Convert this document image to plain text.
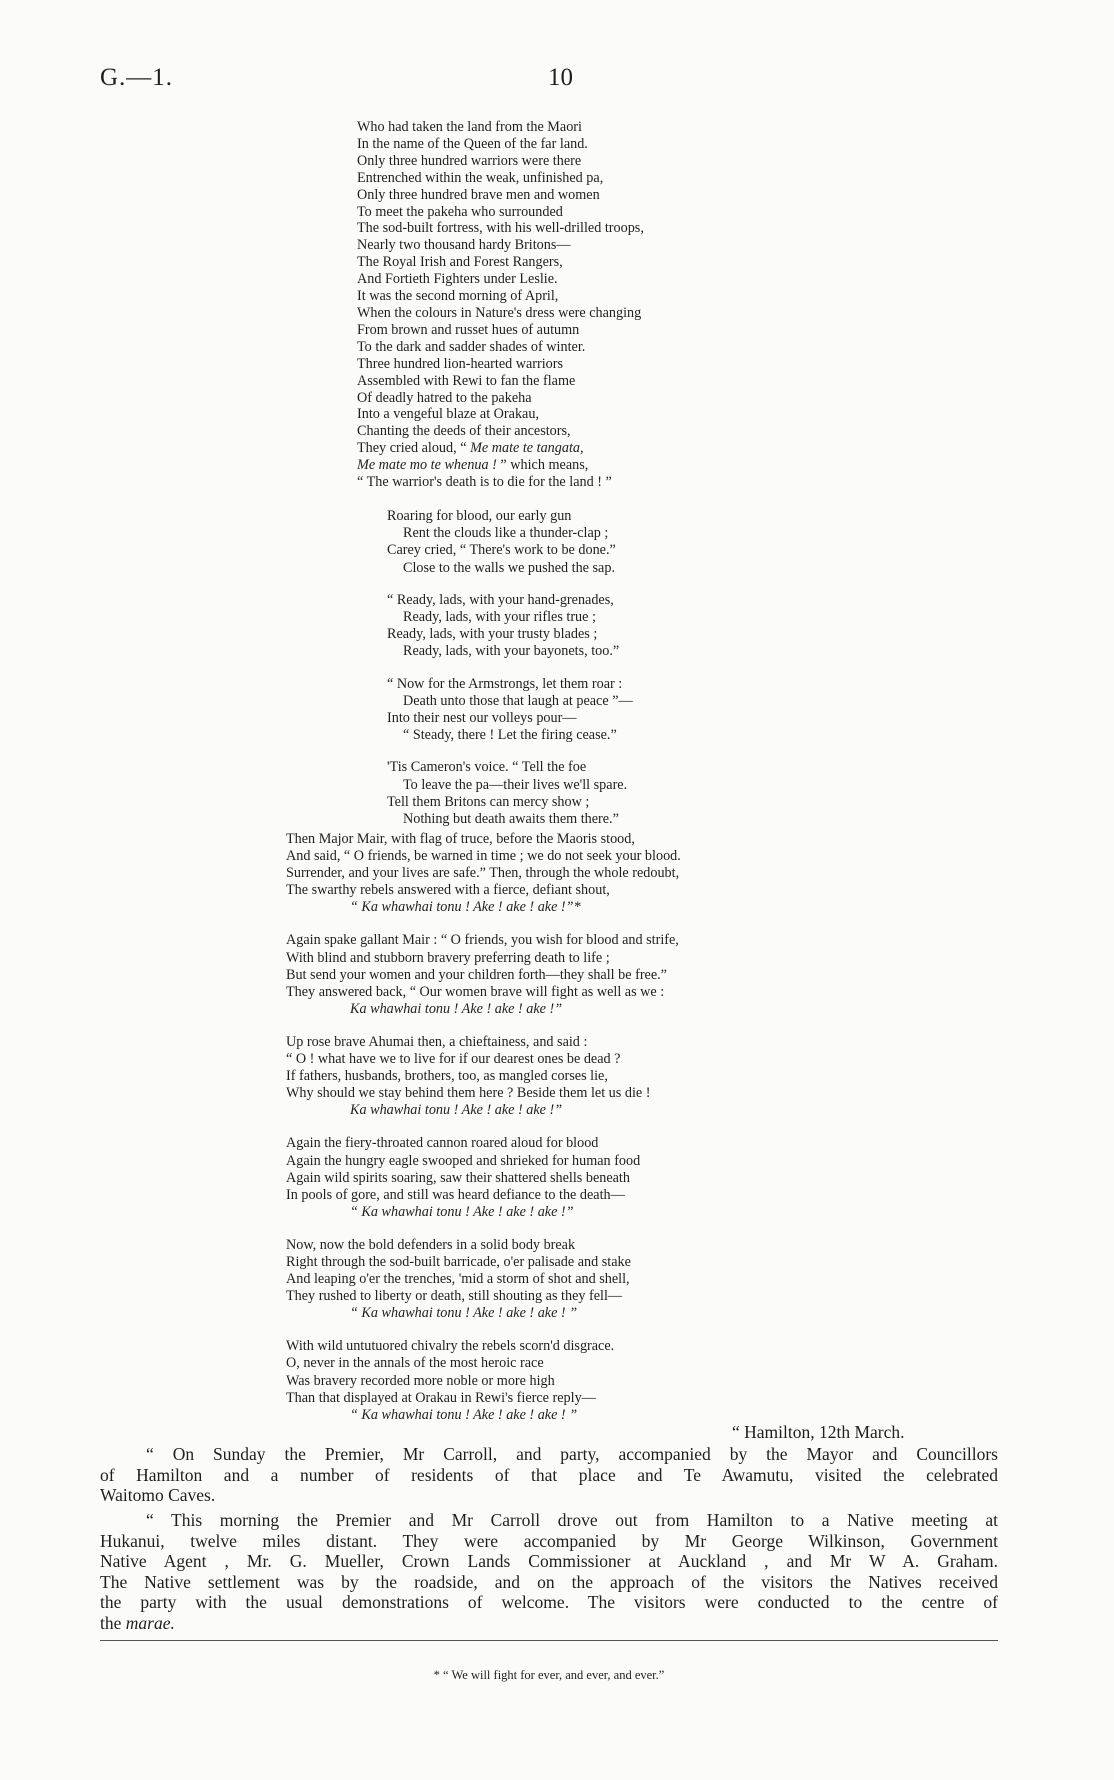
G.—1.	10
Who had taken the land from the Maori
In the name of the Queen of the far land.
Only three hundred warriors were there
Entrenched within the weak, unfinished pa,
Only three hundred brave men and women
To meet the pakeha who surrounded
The sod-built fortress, with his well-drilled troops,
Nearly two thousand hardy Britons—
The Royal Irish and Forest Rangers,
And Fortieth Fighters under Leslie.
It was the second morning of April,
When the colours in Nature's dress were changing
From brown and russet hues of autumn
To the dark and sadder shades of winter.
Three hundred lion-hearted warriors
Assembled with Rewi to fan the flame
Of deadly hatred to the pakeha
Into a vengeful blaze at Orakau,
Chanting the deeds of their ancestors,
They cried aloud, “ Me mate te tangata,
Me mate mo te whenua ! ” which means,
“ The warrior's death is to die for the land ! ”
Roaring for blood, our early gun
Rent the clouds like a thunder-clap ;
Carey cried, “ There's work to be done.”
Close to the walls we pushed the sap.
“ Ready, lads, with your hand-grenades,
Ready, lads, with your rifles true ;
Ready, lads, with your trusty blades ;
Ready, lads, with your bayonets, too.”
“ Now for the Armstrongs, let them roar :
Death unto those that laugh at peace ”—
Into their nest our volleys pour—
“ Steady, there ! Let the firing cease.”
'Tis Cameron's voice. “ Tell the foe
To leave the pa—their lives we'll spare.
Tell them Britons can mercy show ;
Nothing but death awaits them there.”
Then Major Mair, with flag of truce, before the Maoris stood,
And said, “ O friends, be warned in time ; we do not seek your blood.
Surrender, and your lives are safe.” Then, through the whole redoubt,
The swarthy rebels answered with a fierce, defiant shout,
“ Ka whawhai tonu ! Ake ! ake ! ake !”*
Again spake gallant Mair : “ O friends, you wish for blood and strife,
With blind and stubborn bravery preferring death to life ;
But send your women and your children forth—they shall be free.”
They answered back, “ Our women brave will fight as well as we :
Ka whawhai tonu ! Ake ! ake ! ake !”
Up rose brave Ahumai then, a chieftainess, and said :
“ O ! what have we to live for if our dearest ones be dead ?
If fathers, husbands, brothers, too, as mangled corses lie,
Why should we stay behind them here ? Beside them let us die !
Ka whawhai tonu ! Ake ! ake ! ake !”
Again the fiery-throated cannon roared aloud for blood
Again the hungry eagle swooped and shrieked for human food
Again wild spirits soaring, saw their shattered shells beneath
In pools of gore, and still was heard defiance to the death—
“ Ka whawhai tonu ! Ake ! ake ! ake !”
Now, now the bold defenders in a solid body break
Right through the sod-built barricade, o'er palisade and stake
And leaping o'er the trenches, 'mid a storm of shot and shell,
They rushed to liberty or death, still shouting as they fell—
“ Ka whawhai tonu ! Ake ! ake ! ake ! ”
With wild untutuored chivalry the rebels scorn'd disgrace.
O, never in the annals of the most heroic race
Was bravery recorded more noble or more high
Than that displayed at Orakau in Rewi's fierce reply—
“ Ka whawhai tonu ! Ake ! ake ! ake ! ”
“ Hamilton, 12th March.
“ On Sunday the Premier, Mr Carroll, and party, accompanied by the Mayor and Councillors
of Hamilton and a number of residents of that place and Te Awamutu, visited the celebrated
Waitomo Caves.
“ This morning the Premier and Mr Carroll drove out from Hamilton to a Native meeting at
Hukanui, twelve miles distant. They were accompanied by Mr George Wilkinson, Government
Native Agent , Mr. G. Mueller, Crown Lands Commissioner at Auckland , and Mr W A. Graham.
The Native settlement was by the roadside, and on the approach of the visitors the Natives received
the party with the usual demonstrations of welcome. The visitors were conducted to the centre of
the marae.
* “ We will fight for ever, and ever, and ever.”
